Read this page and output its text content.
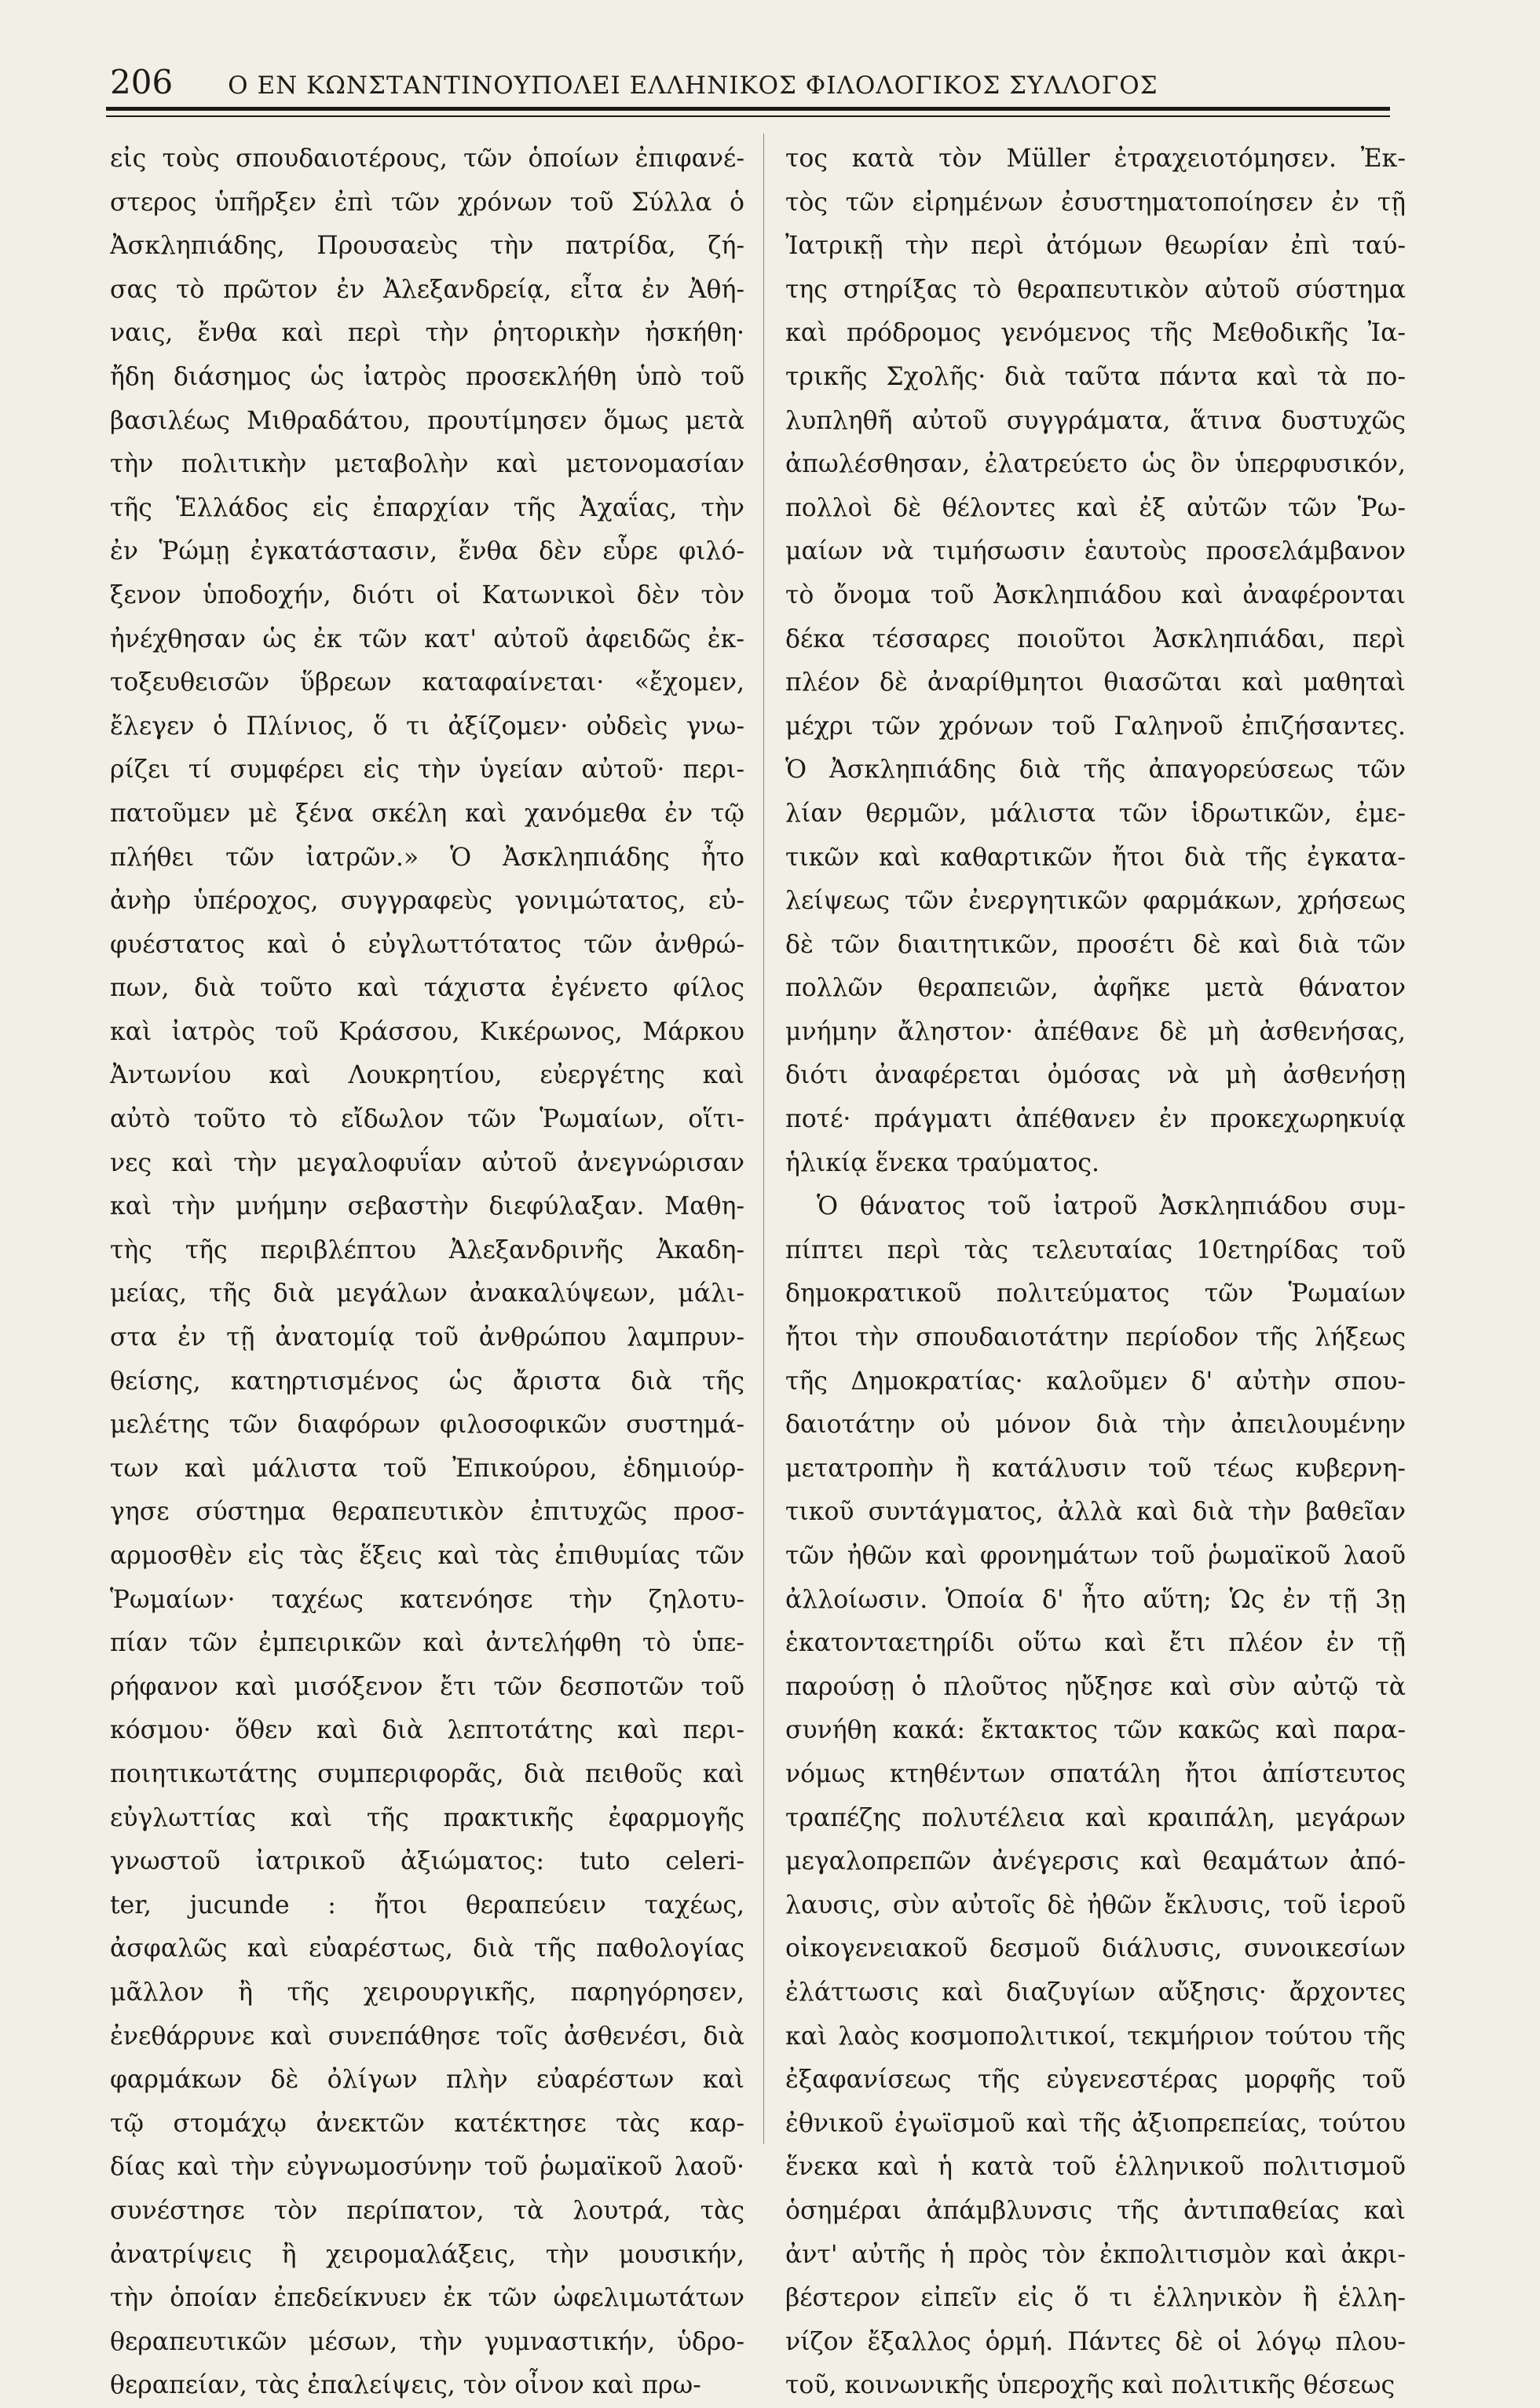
206 Ο ΕΝ ΚΩΝΣΤΑΝΤΙΝΟΥΠΟΛΕΙ ΕΛΛΗΝΙΚΟΣ ΦΙΛΟΛΟΓΙΚΟΣ ΣΥΛΛΟΓΟΣ
εἰς τοὺς σπουδαιοτέρους, τῶν ὁποίων ἐπιφανέ-
στερος ὑπῆρξεν ἐπὶ τῶν χρόνων τοῦ Σύλλα ὁ
Ἀσκληπιάδης, Προυσαεὺς τὴν πατρίδα, ζή-
σας τὸ πρῶτον ἐν Ἀλεξανδρείᾳ, εἶτα ἐν Ἀθή-
ναις, ἔνθα καὶ περὶ τὴν ῥητορικὴν ἠσκήθη·
ἤδη διάσημος ὡς ἰατρὸς προσεκλήθη ὑπὸ τοῦ
βασιλέως Μιθραδάτου, προυτίμησεν ὅμως μετὰ
τὴν πολιτικὴν μεταβολὴν καὶ μετονομασίαν
τῆς Ἑλλάδος εἰς ἐπαρχίαν τῆς Ἀχαΐας, τὴν
ἐν Ῥώμῃ ἐγκατάστασιν, ἔνθα δὲν εὗρε φιλό-
ξενον ὑποδοχήν, διότι οἱ Κατωνικοὶ δὲν τὸν
ἠνέχθησαν ὡς ἐκ τῶν κατ' αὐτοῦ ἀφειδῶς ἐκ-
τοξευθεισῶν ὕβρεων καταφαίνεται· «ἔχομεν,
ἔλεγεν ὁ Πλίνιος, ὅ τι ἀξίζομεν· οὐδεὶς γνω-
ρίζει τί συμφέρει εἰς τὴν ὑγείαν αὐτοῦ· περι-
πατοῦμεν μὲ ξένα σκέλη καὶ χανόμεθα ἐν τῷ
πλήθει τῶν ἰατρῶν.» Ὁ Ἀσκληπιάδης ἦτο
ἀνὴρ ὑπέροχος, συγγραφεὺς γονιμώτατος, εὐ-
φυέστατος καὶ ὁ εὐγλωττότατος τῶν ἀνθρώ-
πων, διὰ τοῦτο καὶ τάχιστα ἐγένετο φίλος
καὶ ἰατρὸς τοῦ Κράσσου, Κικέρωνος, Μάρκου
Ἀντωνίου καὶ Λουκρητίου, εὐεργέτης καὶ
αὐτὸ τοῦτο τὸ εἴδωλον τῶν Ῥωμαίων, οἵτι-
νες καὶ τὴν μεγαλοφυΐαν αὐτοῦ ἀνεγνώρισαν
καὶ τὴν μνήμην σεβαστὴν διεφύλαξαν. Μαθη-
τὴς τῆς περιβλέπτου Ἀλεξανδρινῆς Ἀκαδη-
μείας, τῆς διὰ μεγάλων ἀνακαλύψεων, μάλι-
στα ἐν τῇ ἀνατομίᾳ τοῦ ἀνθρώπου λαμπρυν-
θείσης, κατηρτισμένος ὡς ἄριστα διὰ τῆς
μελέτης τῶν διαφόρων φιλοσοφικῶν συστημά-
των καὶ μάλιστα τοῦ Ἐπικούρου, ἐδημιούρ-
γησε σύστημα θεραπευτικὸν ἐπιτυχῶς προσ-
αρμοσθὲν εἰς τὰς ἕξεις καὶ τὰς ἐπιθυμίας τῶν
Ῥωμαίων· ταχέως κατενόησε τὴν ζηλοτυ-
πίαν τῶν ἐμπειρικῶν καὶ ἀντελήφθη τὸ ὑπε-
ρήφανον καὶ μισόξενον ἔτι τῶν δεσποτῶν τοῦ
κόσμου· ὅθεν καὶ διὰ λεπτοτάτης καὶ περι-
ποιητικωτάτης συμπεριφορᾶς, διὰ πειθοῦς καὶ
εὐγλωττίας καὶ τῆς πρακτικῆς ἐφαρμογῆς
γνωστοῦ ἰατρικοῦ ἀξιώματος: tuto celeri-
ter, jucunde : ἤτοι θεραπεύειν ταχέως,
ἀσφαλῶς καὶ εὐαρέστως, διὰ τῆς παθολογίας
μᾶλλον ἢ τῆς χειρουργικῆς, παρηγόρησεν,
ἐνεθάρρυνε καὶ συνεπάθησε τοῖς ἀσθενέσι, διὰ
φαρμάκων δὲ ὀλίγων πλὴν εὐαρέστων καὶ
τῷ στομάχῳ ἀνεκτῶν κατέκτησε τὰς καρ-
δίας καὶ τὴν εὐγνωμοσύνην τοῦ ῥωμαϊκοῦ λαοῦ·
συνέστησε τὸν περίπατον, τὰ λουτρά, τὰς
ἀνατρίψεις ἢ χειρομαλάξεις, τὴν μουσικήν,
τὴν ὁποίαν ἐπεδείκνυεν ἐκ τῶν ὠφελιμωτάτων
θεραπευτικῶν μέσων, τὴν γυμναστικήν, ὑδρο-
θεραπείαν, τὰς ἐπαλείψεις, τὸν οἶνον καὶ πρω-
τος κατὰ τὸν Müller ἐτραχειοτόμησεν. Ἐκ-
τὸς τῶν εἰρημένων ἐσυστηματοποίησεν ἐν τῇ
Ἰατρικῇ τὴν περὶ ἀτόμων θεωρίαν ἐπὶ ταύ-
της στηρίξας τὸ θεραπευτικὸν αὐτοῦ σύστημα
καὶ πρόδρομος γενόμενος τῆς Μεθοδικῆς Ἰα-
τρικῆς Σχολῆς· διὰ ταῦτα πάντα καὶ τὰ πο-
λυπληθῆ αὐτοῦ συγγράματα, ἅτινα δυστυχῶς
ἀπωλέσθησαν, ἐλατρεύετο ὡς ὂν ὑπερφυσικόν,
πολλοὶ δὲ θέλοντες καὶ ἐξ αὐτῶν τῶν Ῥω-
μαίων νὰ τιμήσωσιν ἑαυτοὺς προσελάμβανον
τὸ ὄνομα τοῦ Ἀσκληπιάδου καὶ ἀναφέρονται
δέκα τέσσαρες ποιοῦτοι Ἀσκληπιάδαι, περὶ
πλέον δὲ ἀναρίθμητοι θιασῶται καὶ μαθηταὶ
μέχρι τῶν χρόνων τοῦ Γαληνοῦ ἐπιζήσαντες.
Ὁ Ἀσκληπιάδης διὰ τῆς ἀπαγορεύσεως τῶν
λίαν θερμῶν, μάλιστα τῶν ἱδρωτικῶν, ἐμε-
τικῶν καὶ καθαρτικῶν ἤτοι διὰ τῆς ἐγκατα-
λείψεως τῶν ἐνεργητικῶν φαρμάκων, χρήσεως
δὲ τῶν διαιτητικῶν, προσέτι δὲ καὶ διὰ τῶν
πολλῶν θεραπειῶν, ἀφῆκε μετὰ θάνατον
μνήμην ἄληστον· ἀπέθανε δὲ μὴ ἀσθενήσας,
διότι ἀναφέρεται ὀμόσας νὰ μὴ ἀσθενήσῃ
ποτέ· πράγματι ἀπέθανεν ἐν προκεχωρηκυίᾳ
ἡλικίᾳ ἕνεκα τραύματος.
Ὁ θάνατος τοῦ ἰατροῦ Ἀσκληπιάδου συμ-
πίπτει περὶ τὰς τελευταίας 10ετηρίδας τοῦ
δημοκρατικοῦ πολιτεύματος τῶν Ῥωμαίων
ἤτοι τὴν σπουδαιοτάτην περίοδον τῆς λήξεως
τῆς Δημοκρατίας· καλοῦμεν δ' αὐτὴν σπου-
δαιοτάτην οὐ μόνον διὰ τὴν ἀπειλουμένην
μετατροπὴν ἢ κατάλυσιν τοῦ τέως κυβερνη-
τικοῦ συντάγματος, ἀλλὰ καὶ διὰ τὴν βαθεῖαν
τῶν ἠθῶν καὶ φρονημάτων τοῦ ῥωμαϊκοῦ λαοῦ
ἀλλοίωσιν. Ὁποία δ' ἦτο αὕτη; Ὡς ἐν τῇ 3ῃ
ἑκατονταετηρίδι οὕτω καὶ ἔτι πλέον ἐν τῇ
παρούσῃ ὁ πλοῦτος ηὔξησε καὶ σὺν αὐτῷ τὰ
συνήθη κακά: ἔκτακτος τῶν κακῶς καὶ παρα-
νόμως κτηθέντων σπατάλη ἤτοι ἀπίστευτος
τραπέζης πολυτέλεια καὶ κραιπάλη, μεγάρων
μεγαλοπρεπῶν ἀνέγερσις καὶ θεαμάτων ἀπό-
λαυσις, σὺν αὐτοῖς δὲ ἠθῶν ἔκλυσις, τοῦ ἱεροῦ
οἰκογενειακοῦ δεσμοῦ διάλυσις, συνοικεσίων
ἐλάττωσις καὶ διαζυγίων αὔξησις· ἄρχοντες
καὶ λαὸς κοσμοπολιτικοί, τεκμήριον τούτου τῆς
ἐξαφανίσεως τῆς εὐγενεστέρας μορφῆς τοῦ
ἐθνικοῦ ἐγωϊσμοῦ καὶ τῆς ἀξιοπρεπείας, τούτου
ἕνεκα καὶ ἡ κατὰ τοῦ ἑλληνικοῦ πολιτισμοῦ
ὁσημέραι ἀπάμβλυνσις τῆς ἀντιπαθείας καὶ
ἀντ' αὐτῆς ἡ πρὸς τὸν ἐκπολιτισμὸν καὶ ἀκρι-
βέστερον εἰπεῖν εἰς ὅ τι ἑλληνικὸν ἢ ἑλλη-
νίζον ἔξαλλος ὁρμή. Πάντες δὲ οἱ λόγῳ πλου-
τοῦ, κοινωνικῆς ὑπεροχῆς καὶ πολιτικῆς θέσεως
